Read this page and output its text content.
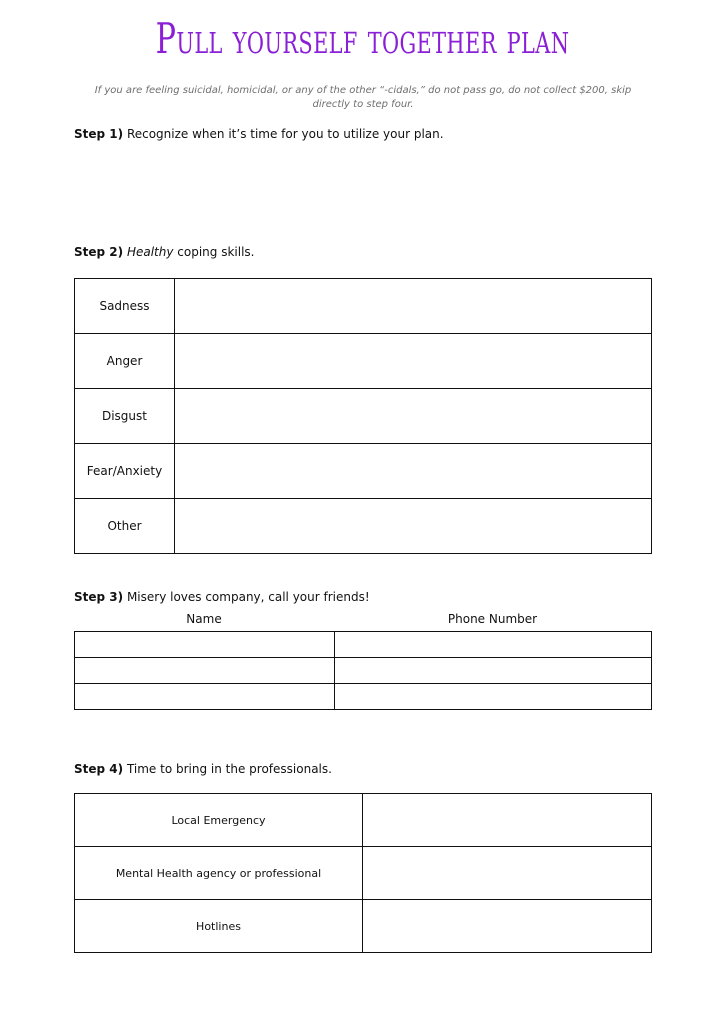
Pull yourself together plan
If you are feeling suicidal, homicidal, or any of the other “-cidals,” do not pass go, do not collect $200, skip directly to step four.
Step 1) Recognize when it’s time for you to utilize your plan.
Step 2) Healthy coping skills.
Sadness	
Anger	
Disgust	
Fear/Anxiety	
Other	
Step 3) Misery loves company, call your friends!
Name	Phone Number

Step 4) Time to bring in the professionals.
Local Emergency	
Mental Health agency or professional	
Hotlines	
